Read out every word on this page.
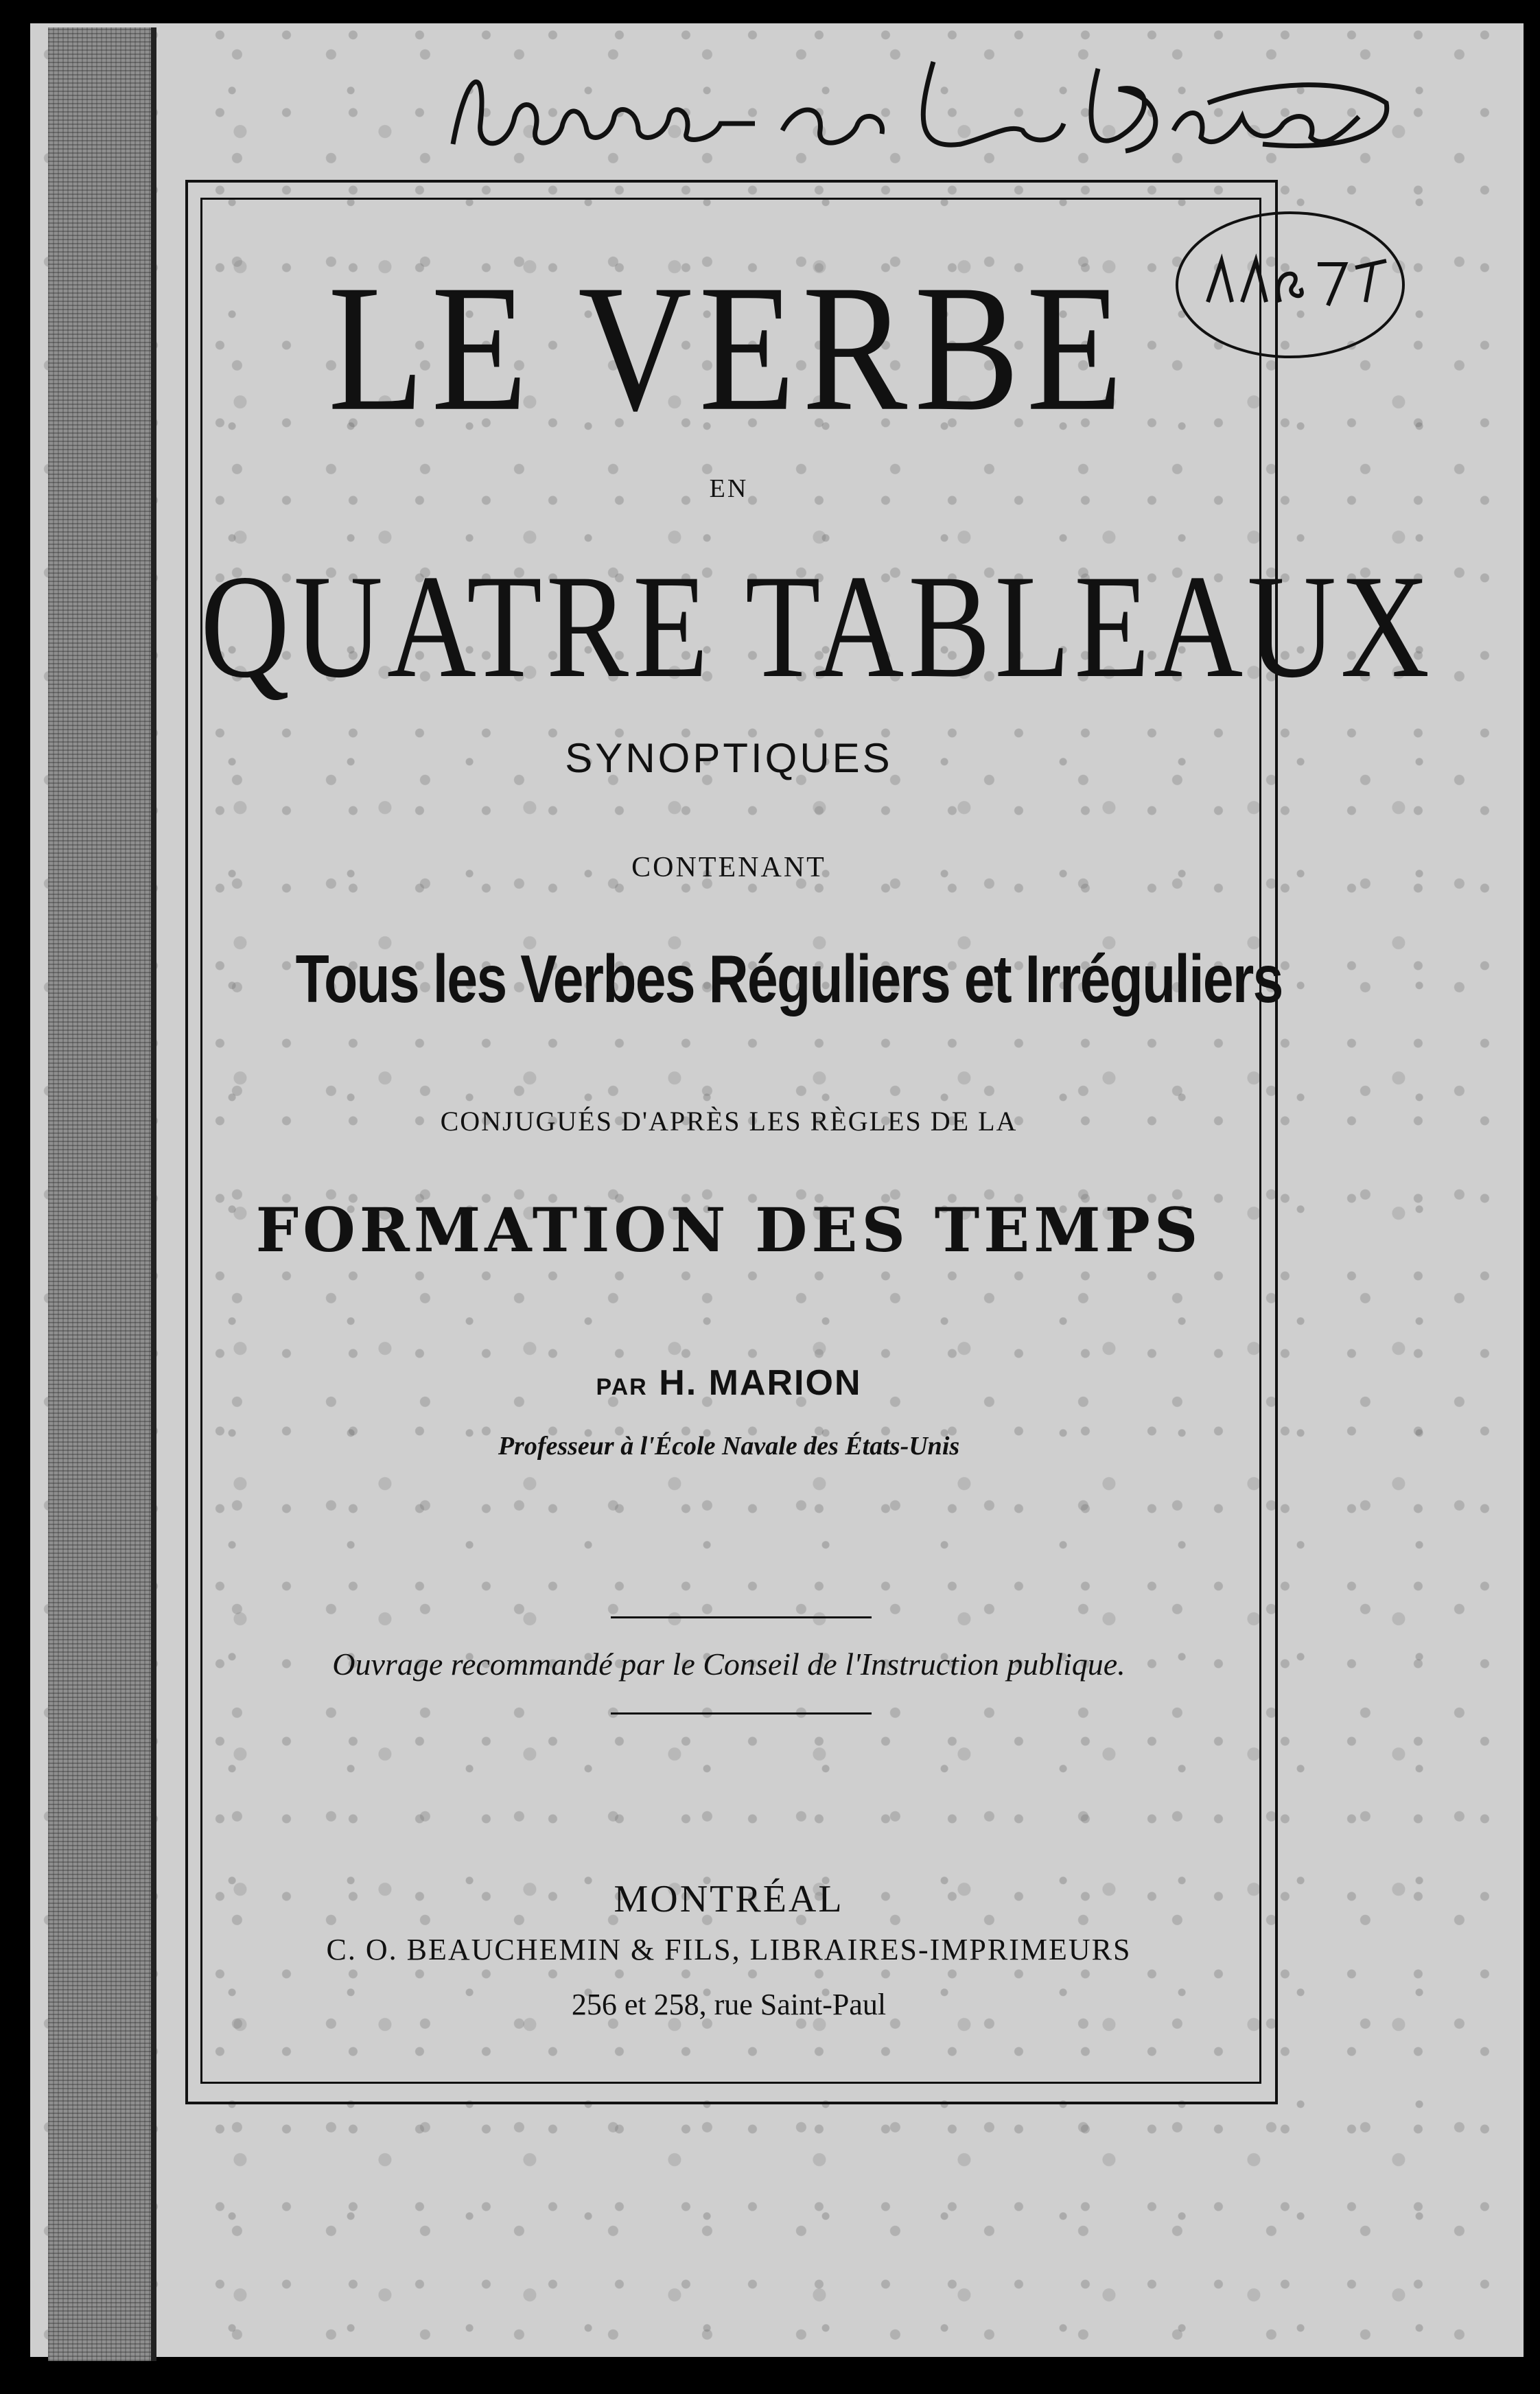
LE VERBE
EN
QUATRE TABLEAUX
SYNOPTIQUES
CONTENANT
Tous les Verbes Réguliers et Irréguliers
CONJUGUÉS D'APRÈS LES RÈGLES DE LA
FORMATION DES TEMPS
PAR H. MARION
Professeur à l'École Navale des États-Unis
Ouvrage recommandé par le Conseil de l'Instruction publique.
MONTRÉAL
C. O. BEAUCHEMIN & FILS, LIBRAIRES-IMPRIMEURS
256 et 258, rue Saint-Paul
